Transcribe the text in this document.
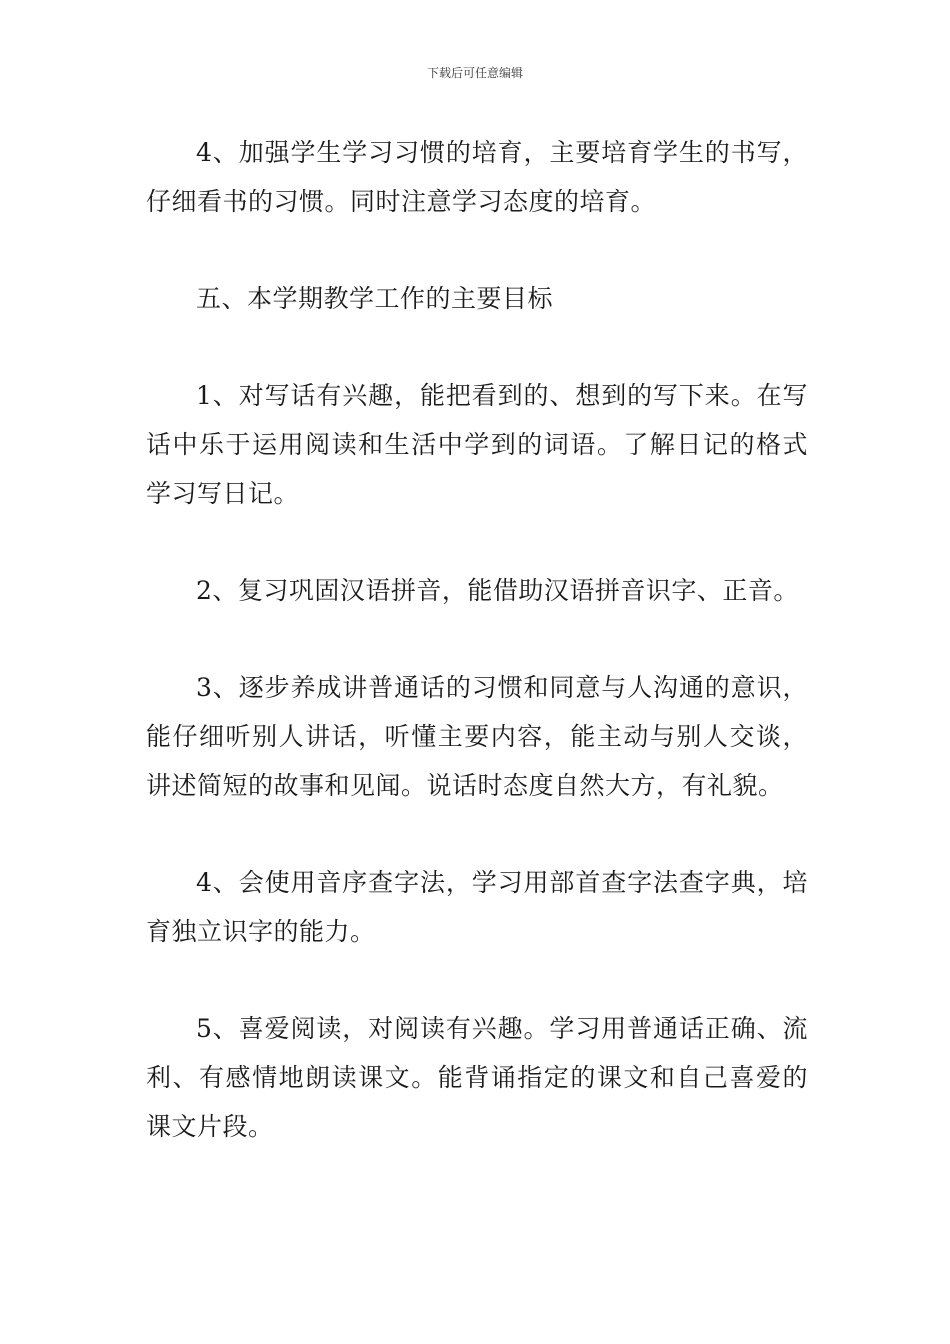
下载后可任意编辑

4、加强学生学习习惯的培育，主要培育学生的书写，仔细看书的习惯。同时注意学习态度的培育。

五、本学期教学工作的主要目标

1、对写话有兴趣，能把看到的、想到的写下来。在写话中乐于运用阅读和生活中学到的词语。了解日记的格式学习写日记。

2、复习巩固汉语拼音，能借助汉语拼音识字、正音。

3、逐步养成讲普通话的习惯和同意与人沟通的意识，能仔细听别人讲话，听懂主要内容，能主动与别人交谈，讲述简短的故事和见闻。说话时态度自然大方，有礼貌。

4、会使用音序查字法，学习用部首查字法查字典，培育独立识字的能力。

5、喜爱阅读，对阅读有兴趣。学习用普通话正确、流利、有感情地朗读课文。能背诵指定的课文和自己喜爱的课文片段。
